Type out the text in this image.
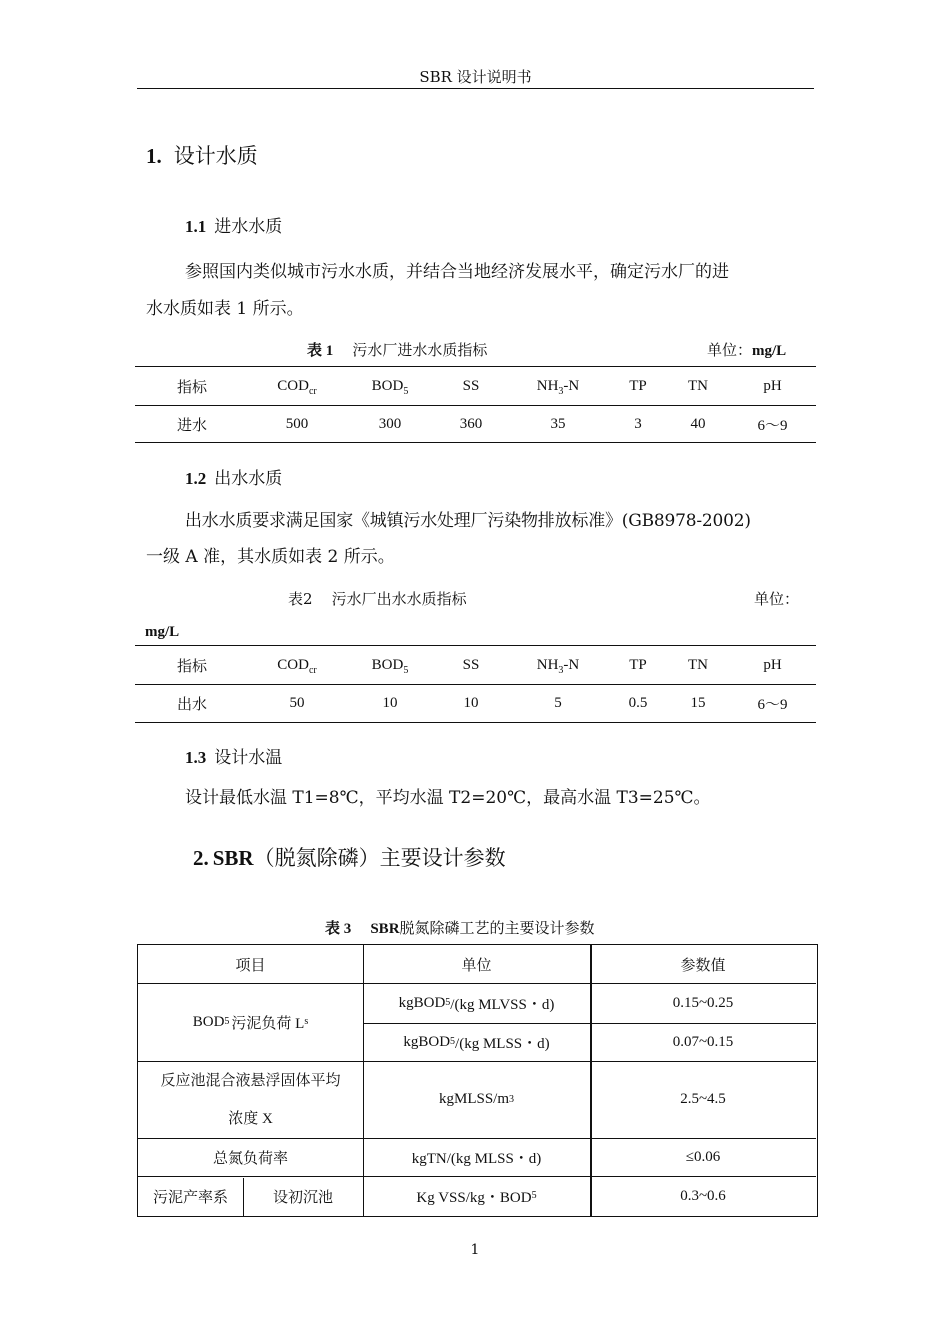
SBR 设计说明书
1. 设计水质
1.1 进水水质
参照国内类似城市污水水质，并结合当地经济发展水平，确定污水厂的进
水水质如表 1 所示。
表 1 污水厂进水水质指标	单位：mg/L
指标	$COD_{cr}$	$BOD_5$	SS	$NH_3-N$	TP	TN	pH
进水	500	300	360	35	3	40	6～9
1.2 出水水质
出水水质要求满足国家《城镇污水处理厂污染物排放标准》(GB8978-2002)
一级 A 准，其水质如表 2 所示。
表2 污水厂出水水质指标	单位：
mg/L
指标	$COD_{cr}$	$BOD_5$	SS	$NH_3-N$	TP	TN	pH
出水	50	10	10	5	0.5	15	6～9
1.3 设计水温
设计最低水温 T1=8℃，平均水温 T2=20℃，最高水温 T3=25℃。
2. SBR（脱氮除磷）主要设计参数
表 3 SBR脱氮除磷工艺的主要设计参数
项目	单位	参数值
BOD 5 污泥负荷 L s
kgBOD 5 /(kg MLVSS・d)	0.15~0.25
kgBOD 5 /(kg MLSS・d)	0.07~0.15
反应池混合液悬浮固体平均
浓度 X
kgMLSS/m 3	2.5~4.5
总氮负荷率	kgTN/(kg MLSS・d)	≤0.06
污泥产率系	设初沉池	Kg VSS/kg・BOD 5	0.3~0.6
1
